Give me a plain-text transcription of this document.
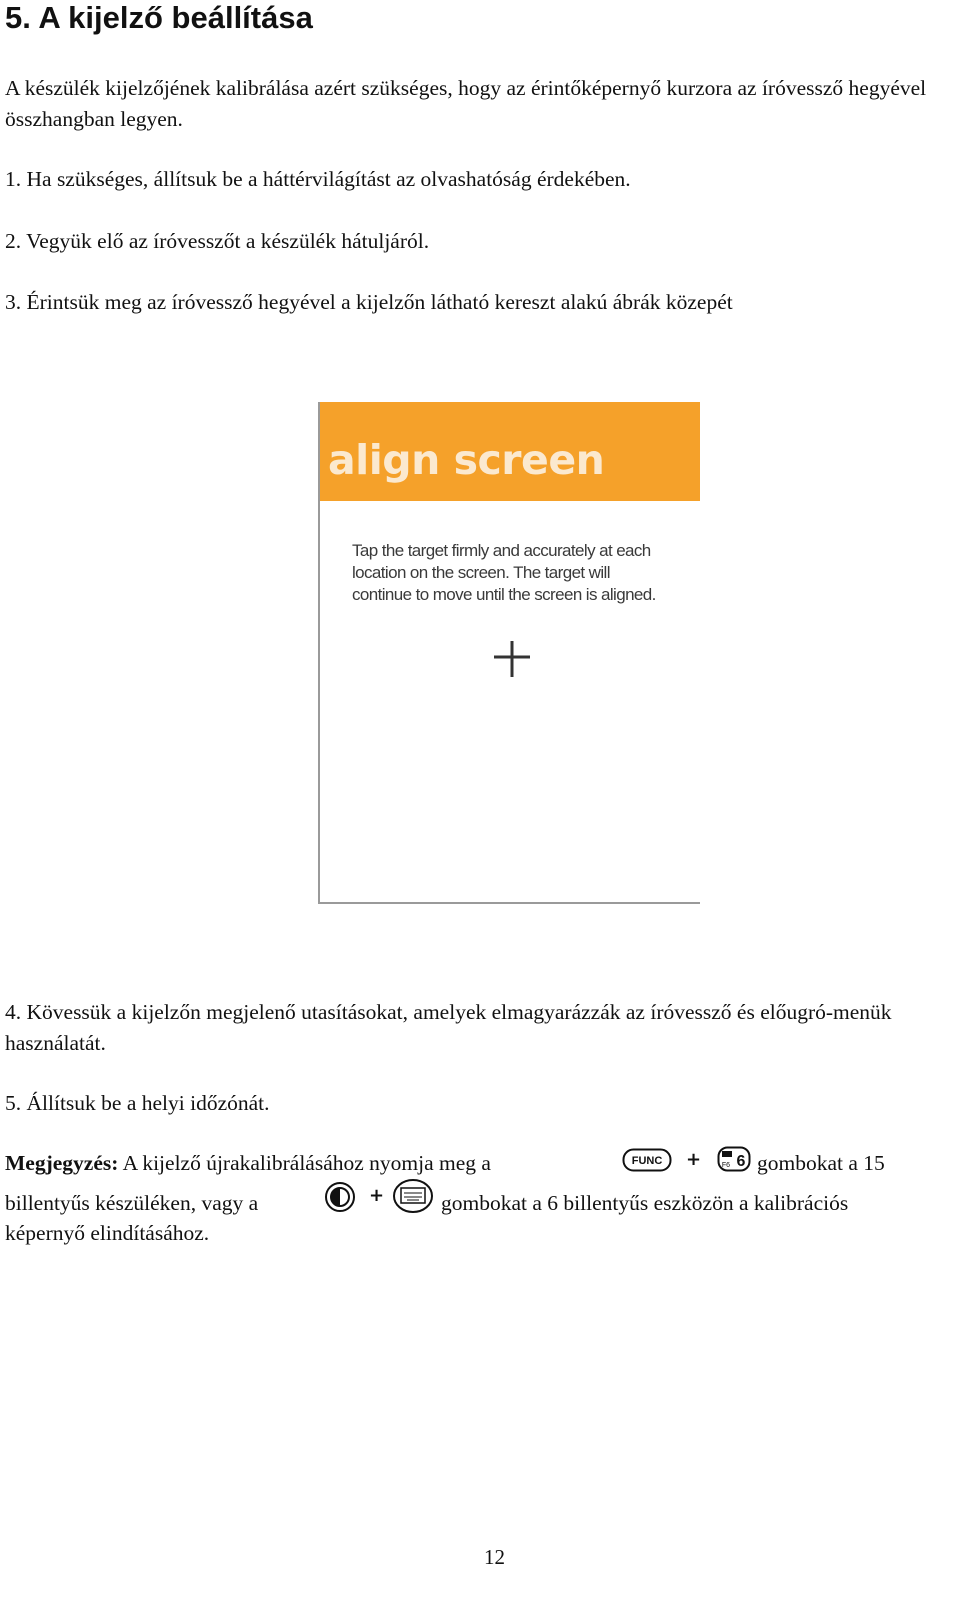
5. A kijelző beállítása

A készülék kijelzőjének kalibrálása azért szükséges, hogy az érintőképernyő kurzora az íróvessző hegyével összhangban legyen.

1. Ha szükséges, állítsuk be a háttérvilágítást az olvashatóság érdekében.

2. Vegyük elő az íróvesszőt a készülék hátuljáról.

3. Érintsük meg az íróvessző hegyével a kijelzőn látható kereszt alakú ábrák közepét

align screen
Tap the target firmly and accurately at each location on the screen. The target will continue to move until the screen is aligned.

4. Kövessük a kijelzőn megjelenő utasításokat, amelyek elmagyarázzák az íróvessző és előugró-menük használatát.

5. Állítsuk be a helyi időzónát.

Megjegyzés: A kijelző újrakalibrálásához nyomja meg a	FUNC +	F6 6 gombokat a 15
billentyűs készüléken, vagy a	+	gombokat a 6 billentyűs eszközön a kalibrációs
képernyő elindításához.
12
